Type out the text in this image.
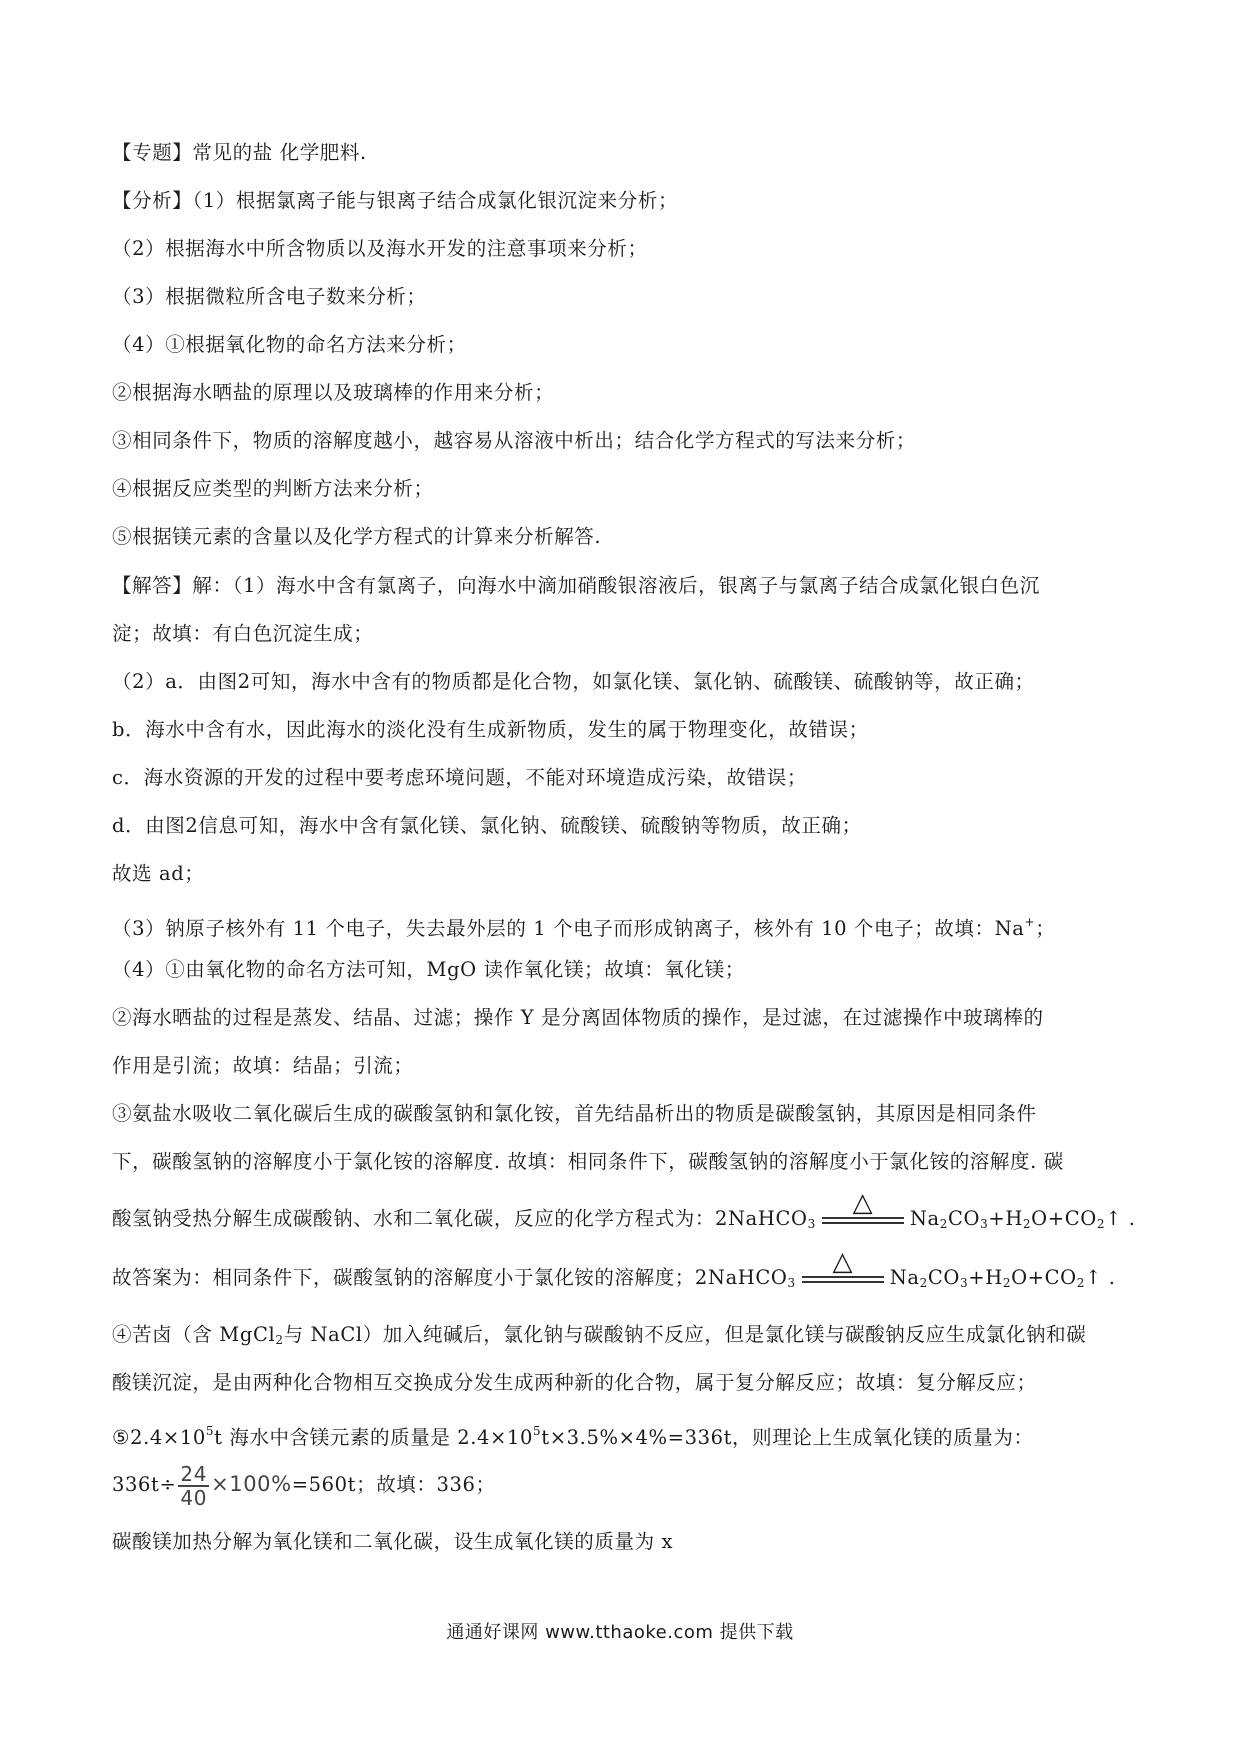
【专题】常见的盐 化学肥料.
【分析】（1）根据氯离子能与银离子结合成氯化银沉淀来分析；
（2）根据海水中所含物质以及海水开发的注意事项来分析；
（3）根据微粒所含电子数来分析；
（4）①根据氧化物的命名方法来分析；
②根据海水晒盐的原理以及玻璃棒的作用来分析；
③相同条件下，物质的溶解度越小，越容易从溶液中析出；结合化学方程式的写法来分析；
④根据反应类型的判断方法来分析；
⑤根据镁元素的含量以及化学方程式的计算来分析解答.
【解答】解：（1）海水中含有氯离子，向海水中滴加硝酸银溶液后，银离子与氯离子结合成氯化银白色沉
淀；故填：有白色沉淀生成；
（2）a．由图2可知，海水中含有的物质都是化合物，如氯化镁、氯化钠、硫酸镁、硫酸钠等，故正确；
b．海水中含有水，因此海水的淡化没有生成新物质，发生的属于物理变化，故错误；
c．海水资源的开发的过程中要考虑环境问题，不能对环境造成污染，故错误；
d．由图2信息可知，海水中含有氯化镁、氯化钠、硫酸镁、硫酸钠等物质，故正确；
故选 ad；
（3）钠原子核外有 11 个电子，失去最外层的 1 个电子而形成钠离子，核外有 10 个电子；故填：Na+；
（4）①由氧化物的命名方法可知，MgO 读作氧化镁；故填：氧化镁；
②海水晒盐的过程是蒸发、结晶、过滤；操作 Y 是分离固体物质的操作，是过滤，在过滤操作中玻璃棒的
作用是引流；故填：结晶；引流；
③氨盐水吸收二氧化碳后生成的碳酸氢钠和氯化铵，首先结晶析出的物质是碳酸氢钠，其原因是相同条件
下，碳酸氢钠的溶解度小于氯化铵的溶解度. 故填：相同条件下，碳酸氢钠的溶解度小于氯化铵的溶解度. 碳
酸氢钠受热分解生成碳酸钠、水和二氧化碳，反应的化学方程式为：2NaHCO$_3$
△
$Na_2CO_3+H_2O+CO_2↑$ .
故答案为：相同条件下，碳酸氢钠的溶解度小于氯化铵的溶解度；2NaHCO$_3$
△
$Na_2CO_3+H_2O+CO_2↑$ .
④苦卤（含 MgCl$_2$与 NaCl）加入纯碱后，氯化钠与碳酸钠不反应，但是氯化镁与碳酸钠反应生成氯化钠和碳
酸镁沉淀，是由两种化合物相互交换成分发生成两种新的化合物，属于复分解反应；故填：复分解反应；
$⑤2.4\times 10^5t$ 海水中含镁元素的质量是 $2.4\times 10^5t\times 3.5\%\times 4\%=336t$，则理论上生成氧化镁的质量为：
$336t\div \frac{24}{40} \times 100\%=560t$；故填：336；
碳酸镁加热分解为氧化镁和二氧化碳，设生成氧化镁的质量为 x
通通好课网 www.tthaoke.com 提供下载
